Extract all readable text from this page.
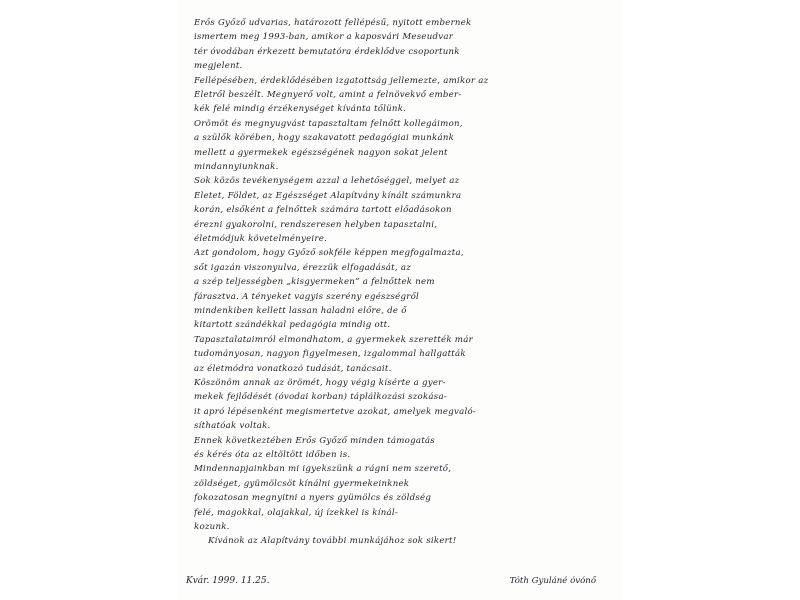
Erős Győző udvarias, határozott fellépésű, nyitott embernek
ismertem meg 1993-ban, amikor a kaposvári Meseudvar
tér óvodában érkezett bemutatóra érdeklődve csoportunk
megjelent.
Fellépésében, érdeklődésében izgatottság jellemezte, amikor az
Életről beszélt. Megnyerő volt, amint a felnövekvő ember-
kék felé mindig érzékenységet kívánta tőlünk.
Örömöt és megnyugvást tapasztaltam felnőtt kollegáimon,
a szülők körében, hogy szakavatott pedagógiai munkánk
mellett a gyermekek egészségének nagyon sokat jelent
mindannyiunknak.
Sok közös tevékenységem azzal a lehetőséggel, melyet az
Életet, Földet, az Egészséget Alapítvány kínált számunkra
korán, elsőként a felnőttek számára tartott előadásokon
érezni gyakorolni, rendszeresen helyben tapasztalni,
életmódjuk követelményeire.
Azt gondolom, hogy Győző sokféle képpen megfogalmazta,
sőt igazán viszonyulva, érezzük elfogadását, az
a szép teljességben „kisgyermeken” a felnőttek nem
fárasztva. A tényeket vagyis szerény egészségről
mindenkiben kellett lassan haladni előre, de ő
kitartott szándékkal pedagógia mindig ott.
Tapasztalataimról elmondhatom, a gyermekek szerették már
tudományosan, nagyon figyelmesen, izgalommal hallgatták
az életmódra vonatkozó tudását, tanácsait.
Köszönöm annak az örömét, hogy végig kísérte a gyer-
mekek fejlődését (óvodai korban) táplálkozási szokása-
it apró lépésenként megismertetve azokat, amelyek megvaló-
síthatóak voltak.
Ennek következtében Erős Győző minden támogatás
és kérés óta az eltöltött időben is.
Mindennapjainkban mi igyekszünk a rágni nem szerető,
zöldséget, gyümölcsöt kínálni gyermekeinknek
fokozatosan megnyitni a nyers gyümölcs és zöldség
felé, magokkal, olajakkal, új ízekkel is kínál-
kozunk.
Kívánok az Alapítvány további munkájához sok sikert!
Kvár. 1999. 11.25.	Tóth Gyuláné óvónő
